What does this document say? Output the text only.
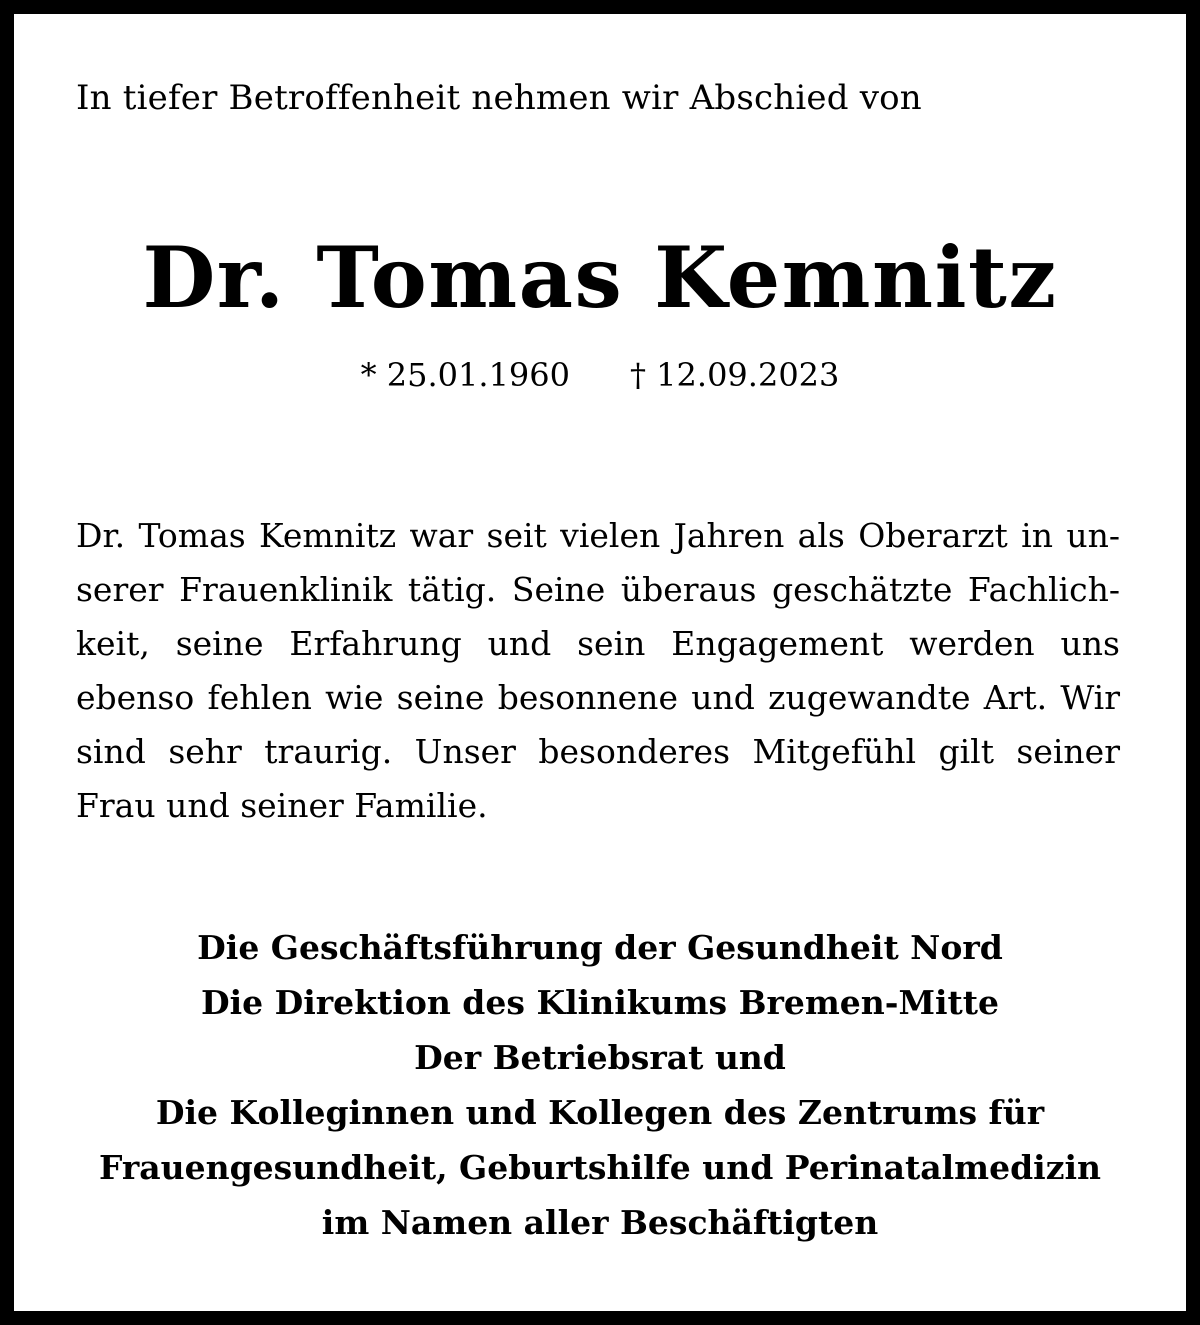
In tiefer Betroffenheit nehmen wir Abschied von
Dr. Tomas Kemnitz
* 25.01.1960 † 12.09.2023
Dr. Tomas Kemnitz war seit vielen Jahren als Oberarzt in un-
serer Frauenklinik tätig. Seine überaus geschätzte Fachlich-
keit, seine Erfahrung und sein Engagement werden uns
ebenso fehlen wie seine besonnene und zugewandte Art. Wir
sind sehr traurig. Unser besonderes Mitgefühl gilt seiner
Frau und seiner Familie.
Die Geschäftsführung der Gesundheit Nord
Die Direktion des Klinikums Bremen-Mitte
Der Betriebsrat und
Die Kolleginnen und Kollegen des Zentrums für
Frauengesundheit, Geburtshilfe und Perinatalmedizin
im Namen aller Beschäftigten
